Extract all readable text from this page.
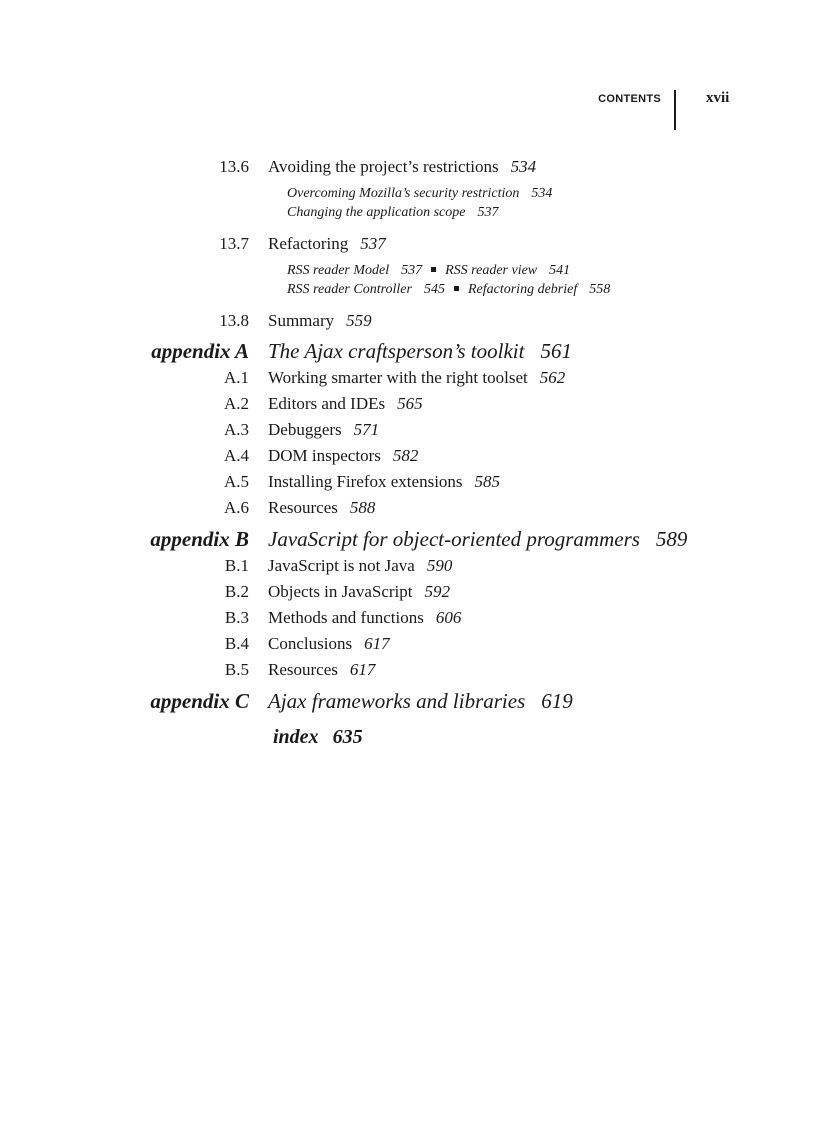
CONTENTS	xvii
13.6 Avoiding the project’s restrictions 534
Overcoming Mozilla’s security restriction 534
Changing the application scope 537
13.7 Refactoring 537
RSS reader Model 537 RSS reader view 541
RSS reader Controller 545 Refactoring debrief 558
13.8 Summary 559
appendix A The Ajax craftsperson’s toolkit 561
A.1 Working smarter with the right toolset 562
A.2 Editors and IDEs 565
A.3 Debuggers 571
A.4 DOM inspectors 582
A.5 Installing Firefox extensions 585
A.6 Resources 588
appendix B JavaScript for object-oriented programmers 589
B.1 JavaScript is not Java 590
B.2 Objects in JavaScript 592
B.3 Methods and functions 606
B.4 Conclusions 617
B.5 Resources 617
appendix C Ajax frameworks and libraries 619
index 635
